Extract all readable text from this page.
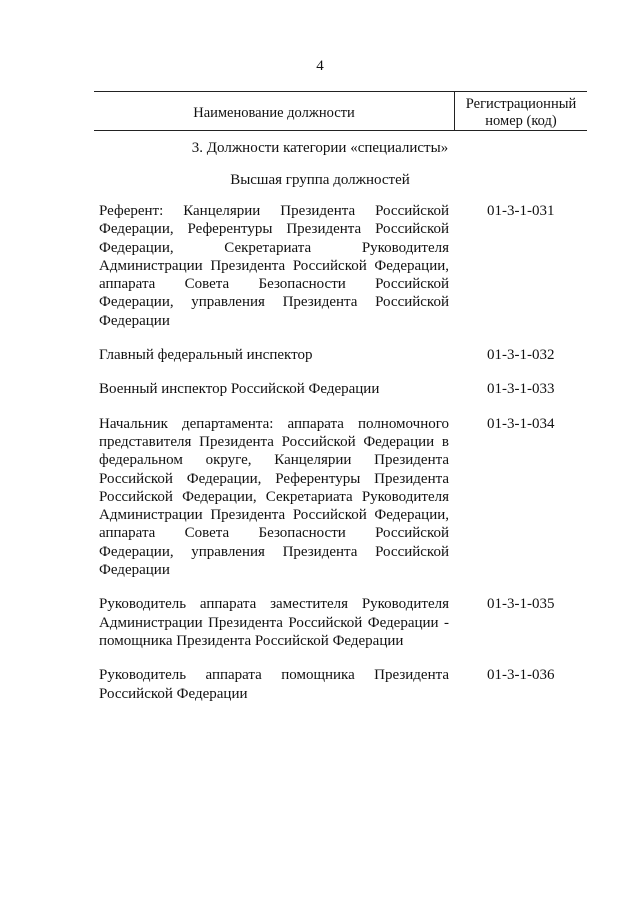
4
Наименование должности
Регистрационный
номер (код)
3. Должности категории «специалисты»
Высшая группа должностей
Референт: Канцелярии Президента Российской Федерации, Референтуры Президента Российской Федерации, Секретариата Руководителя Администрации Президента Российской Федерации, аппарата Совета Безопасности Российской Федерации, управления Президента Российской Федерации
01-3-1-031
Главный федеральный инспектор	01-3-1-032
Военный инспектор Российской Федерации	01-3-1-033
Начальник департамента: аппарата полномочного представителя Президента Российской Федерации в федеральном округе, Канцелярии Президента Российской Федерации, Референтуры Президента Российской Федерации, Секретариата Руководителя Администрации Президента Российской Федерации, аппарата Совета Безопасности Российской Федерации, управления Президента Российской Федерации
01-3-1-034
Руководитель аппарата заместителя Руководителя Администрации Президента Российской Федерации - помощника Президента Российской Федерации
01-3-1-035
Руководитель аппарата помощника Президента Российской Федерации
01-3-1-036
